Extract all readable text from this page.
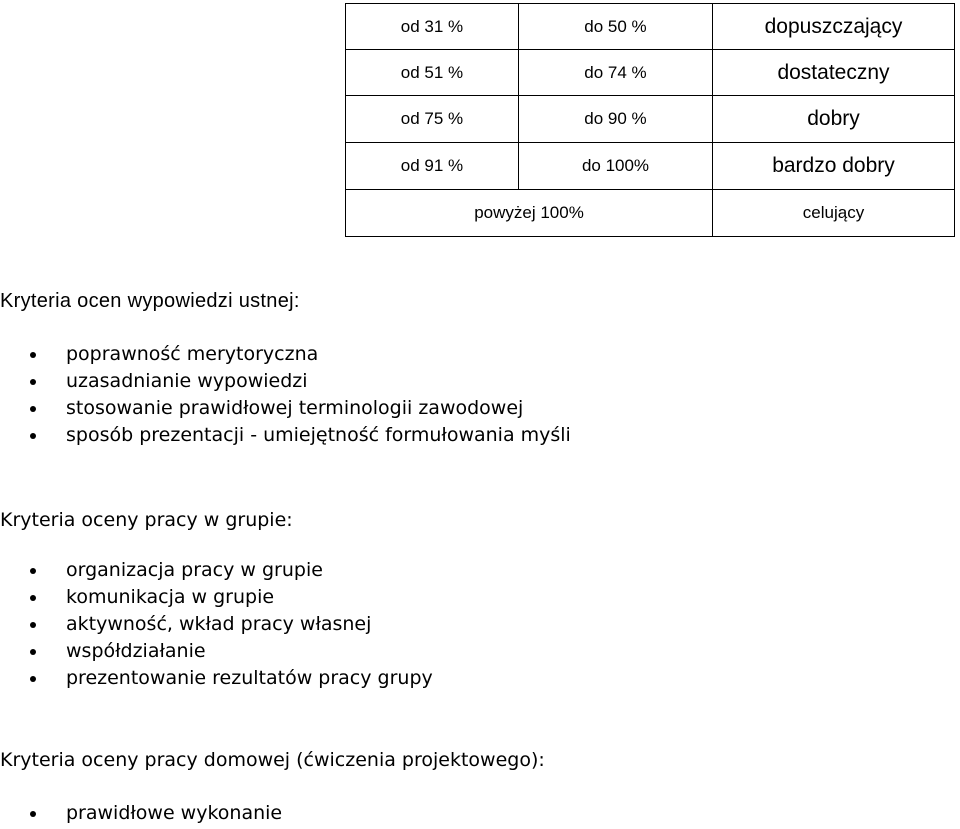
od 31 %	do 50 %	dopuszczający
od 51 %	do 74 %	dostateczny
od 75 %	do 90 %	dobry
od 91 %	do 100%	bardzo dobry
powyżej 100%		celujący

Kryteria ocen wypowiedzi ustnej:

poprawność merytoryczna
uzasadnianie wypowiedzi
stosowanie prawidłowej terminologii zawodowej
sposób prezentacji - umiejętność formułowania myśli

Kryteria oceny pracy w grupie:

organizacja pracy w grupie
komunikacja w grupie
aktywność, wkład pracy własnej
współdziałanie
prezentowanie rezultatów pracy grupy

Kryteria oceny pracy domowej (ćwiczenia projektowego):

prawidłowe wykonanie
